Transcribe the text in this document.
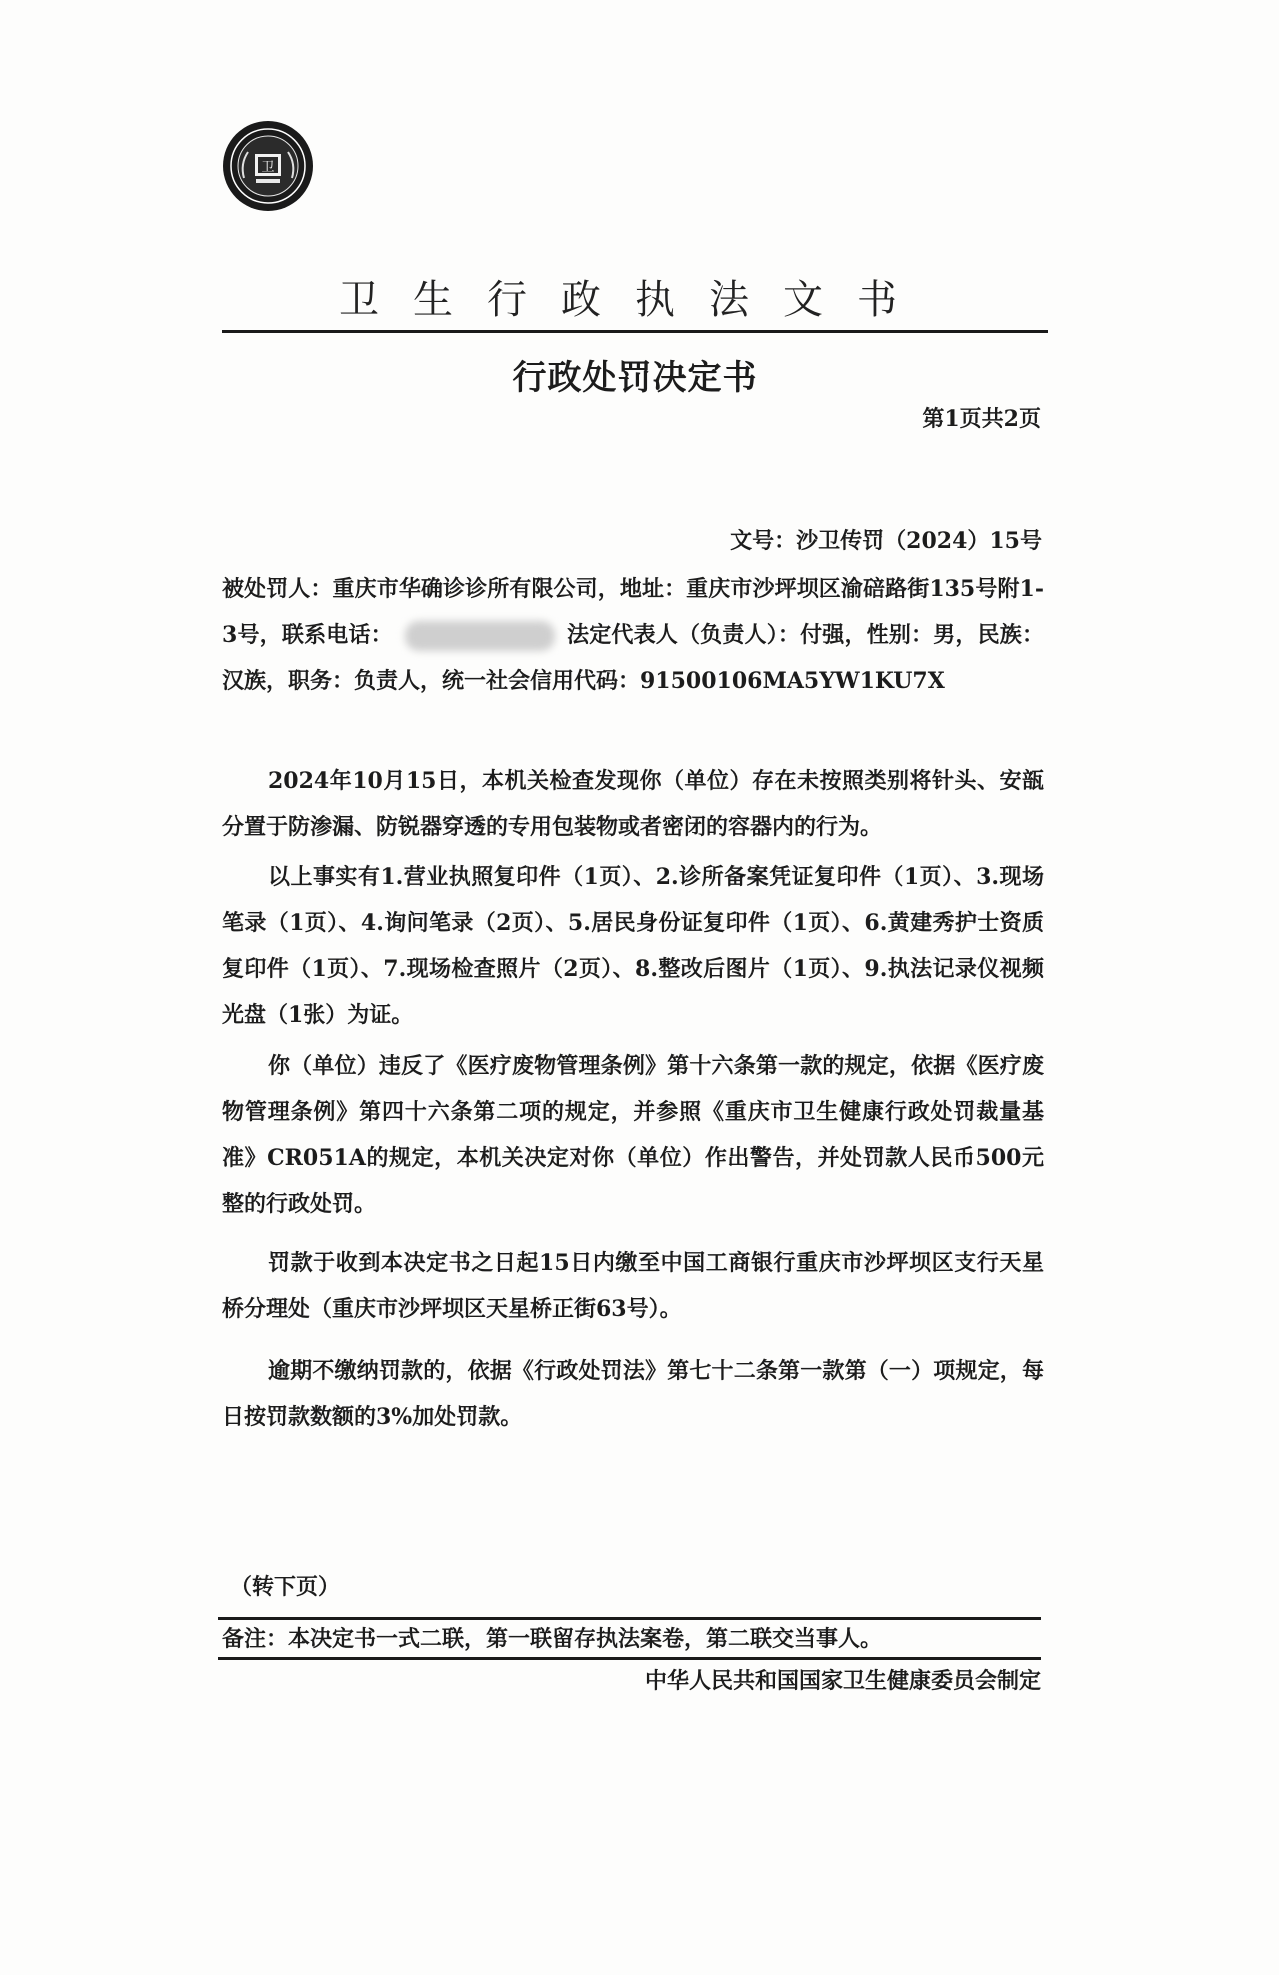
卫
卫生行政执法文书
行政处罚决定书
第1页共2页
文号：沙卫传罚（2024）15号
被处罚人：重庆市华确诊诊所有限公司，地址：重庆市沙坪坝区渝碚路街135号附1-3号，联系电话：	法定代表人（负责人）：付强，性别：男，民族：汉族，职务：负责人，统一社会信用代码：91500106MA5YW1KU7X
2024年10月15日，本机关检查发现你（单位）存在未按照类别将针头、安瓿分置于防渗漏、防锐器穿透的专用包装物或者密闭的容器内的行为。
以上事实有1.营业执照复印件（1页）、2.诊所备案凭证复印件（1页）、3.现场笔录（1页）、4.询问笔录（2页）、5.居民身份证复印件（1页）、6.黄建秀护士资质复印件（1页）、7.现场检查照片（2页）、8.整改后图片（1页）、9.执法记录仪视频光盘（1张）为证。
你（单位）违反了《医疗废物管理条例》第十六条第一款的规定，依据《医疗废物管理条例》第四十六条第二项的规定，并参照《重庆市卫生健康行政处罚裁量基准》CR051A的规定，本机关决定对你（单位）作出警告，并处罚款人民币500元整的行政处罚。
罚款于收到本决定书之日起15日内缴至中国工商银行重庆市沙坪坝区支行天星桥分理处（重庆市沙坪坝区天星桥正街63号）。
逾期不缴纳罚款的，依据《行政处罚法》第七十二条第一款第（一）项规定，每日按罚款数额的3%加处罚款。
（转下页）
备注：本决定书一式二联，第一联留存执法案卷，第二联交当事人。
中华人民共和国国家卫生健康委员会制定
